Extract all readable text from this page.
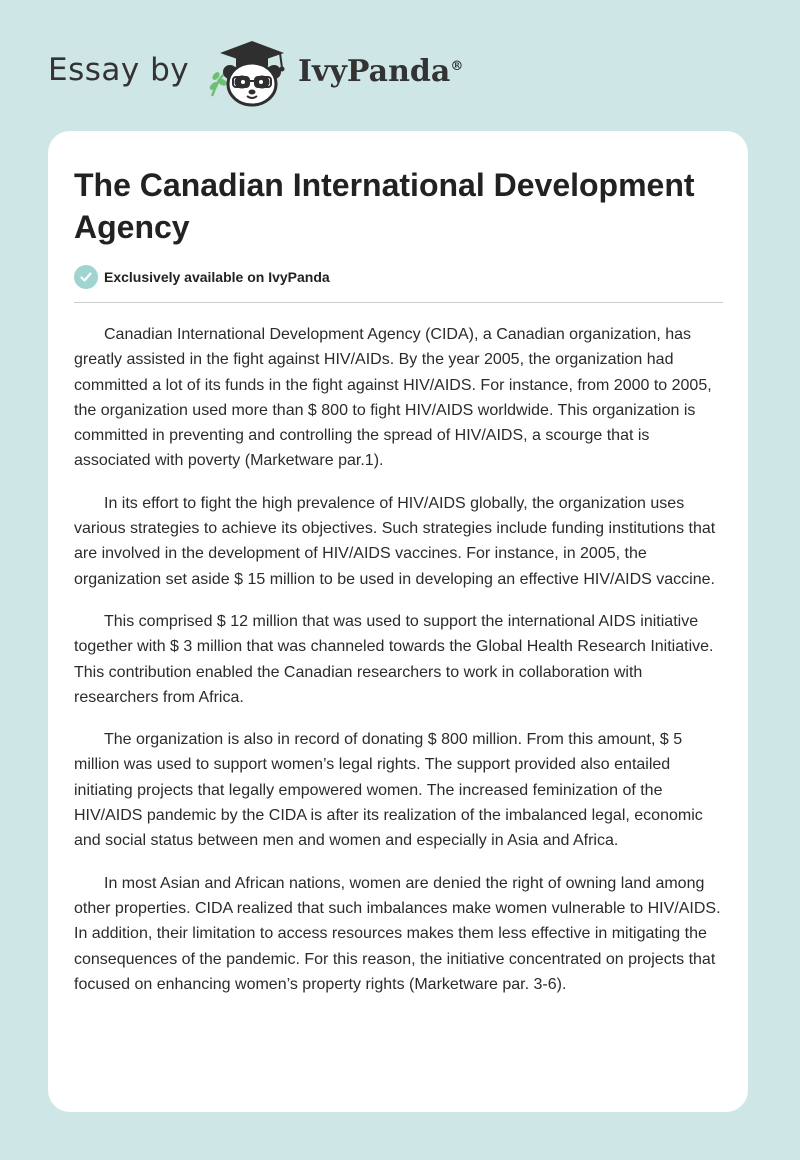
Essay by	IvyPanda®
The Canadian International Development Agency
Exclusively available on IvyPanda

Canadian International Development Agency (CIDA), a Canadian organization, has greatly assisted in the fight against HIV/AIDs. By the year 2005, the organization had committed a lot of its funds in the fight against HIV/AIDS. For instance, from 2000 to 2005, the organization used more than $ 800 to fight HIV/AIDS worldwide. This organization is committed in preventing and controlling the spread of HIV/AIDS, a scourge that is associated with poverty (Marketware par.1).

In its effort to fight the high prevalence of HIV/AIDS globally, the organization uses various strategies to achieve its objectives. Such strategies include funding institutions that are involved in the development of HIV/AIDS vaccines. For instance, in 2005, the organization set aside $ 15 million to be used in developing an effective HIV/AIDS vaccine.

This comprised $ 12 million that was used to support the international AIDS initiative together with $ 3 million that was channeled towards the Global Health Research Initiative. This contribution enabled the Canadian researchers to work in collaboration with researchers from Africa.

The organization is also in record of donating $ 800 million. From this amount, $ 5 million was used to support women’s legal rights. The support provided also entailed initiating projects that legally empowered women. The increased feminization of the HIV/AIDS pandemic by the CIDA is after its realization of the imbalanced legal, economic and social status between men and women and especially in Asia and Africa.

In most Asian and African nations, women are denied the right of owning land among other properties. CIDA realized that such imbalances make women vulnerable to HIV/AIDS. In addition, their limitation to access resources makes them less effective in mitigating the consequences of the pandemic. For this reason, the initiative concentrated on projects that focused on enhancing women’s property rights (Marketware par. 3-6).
